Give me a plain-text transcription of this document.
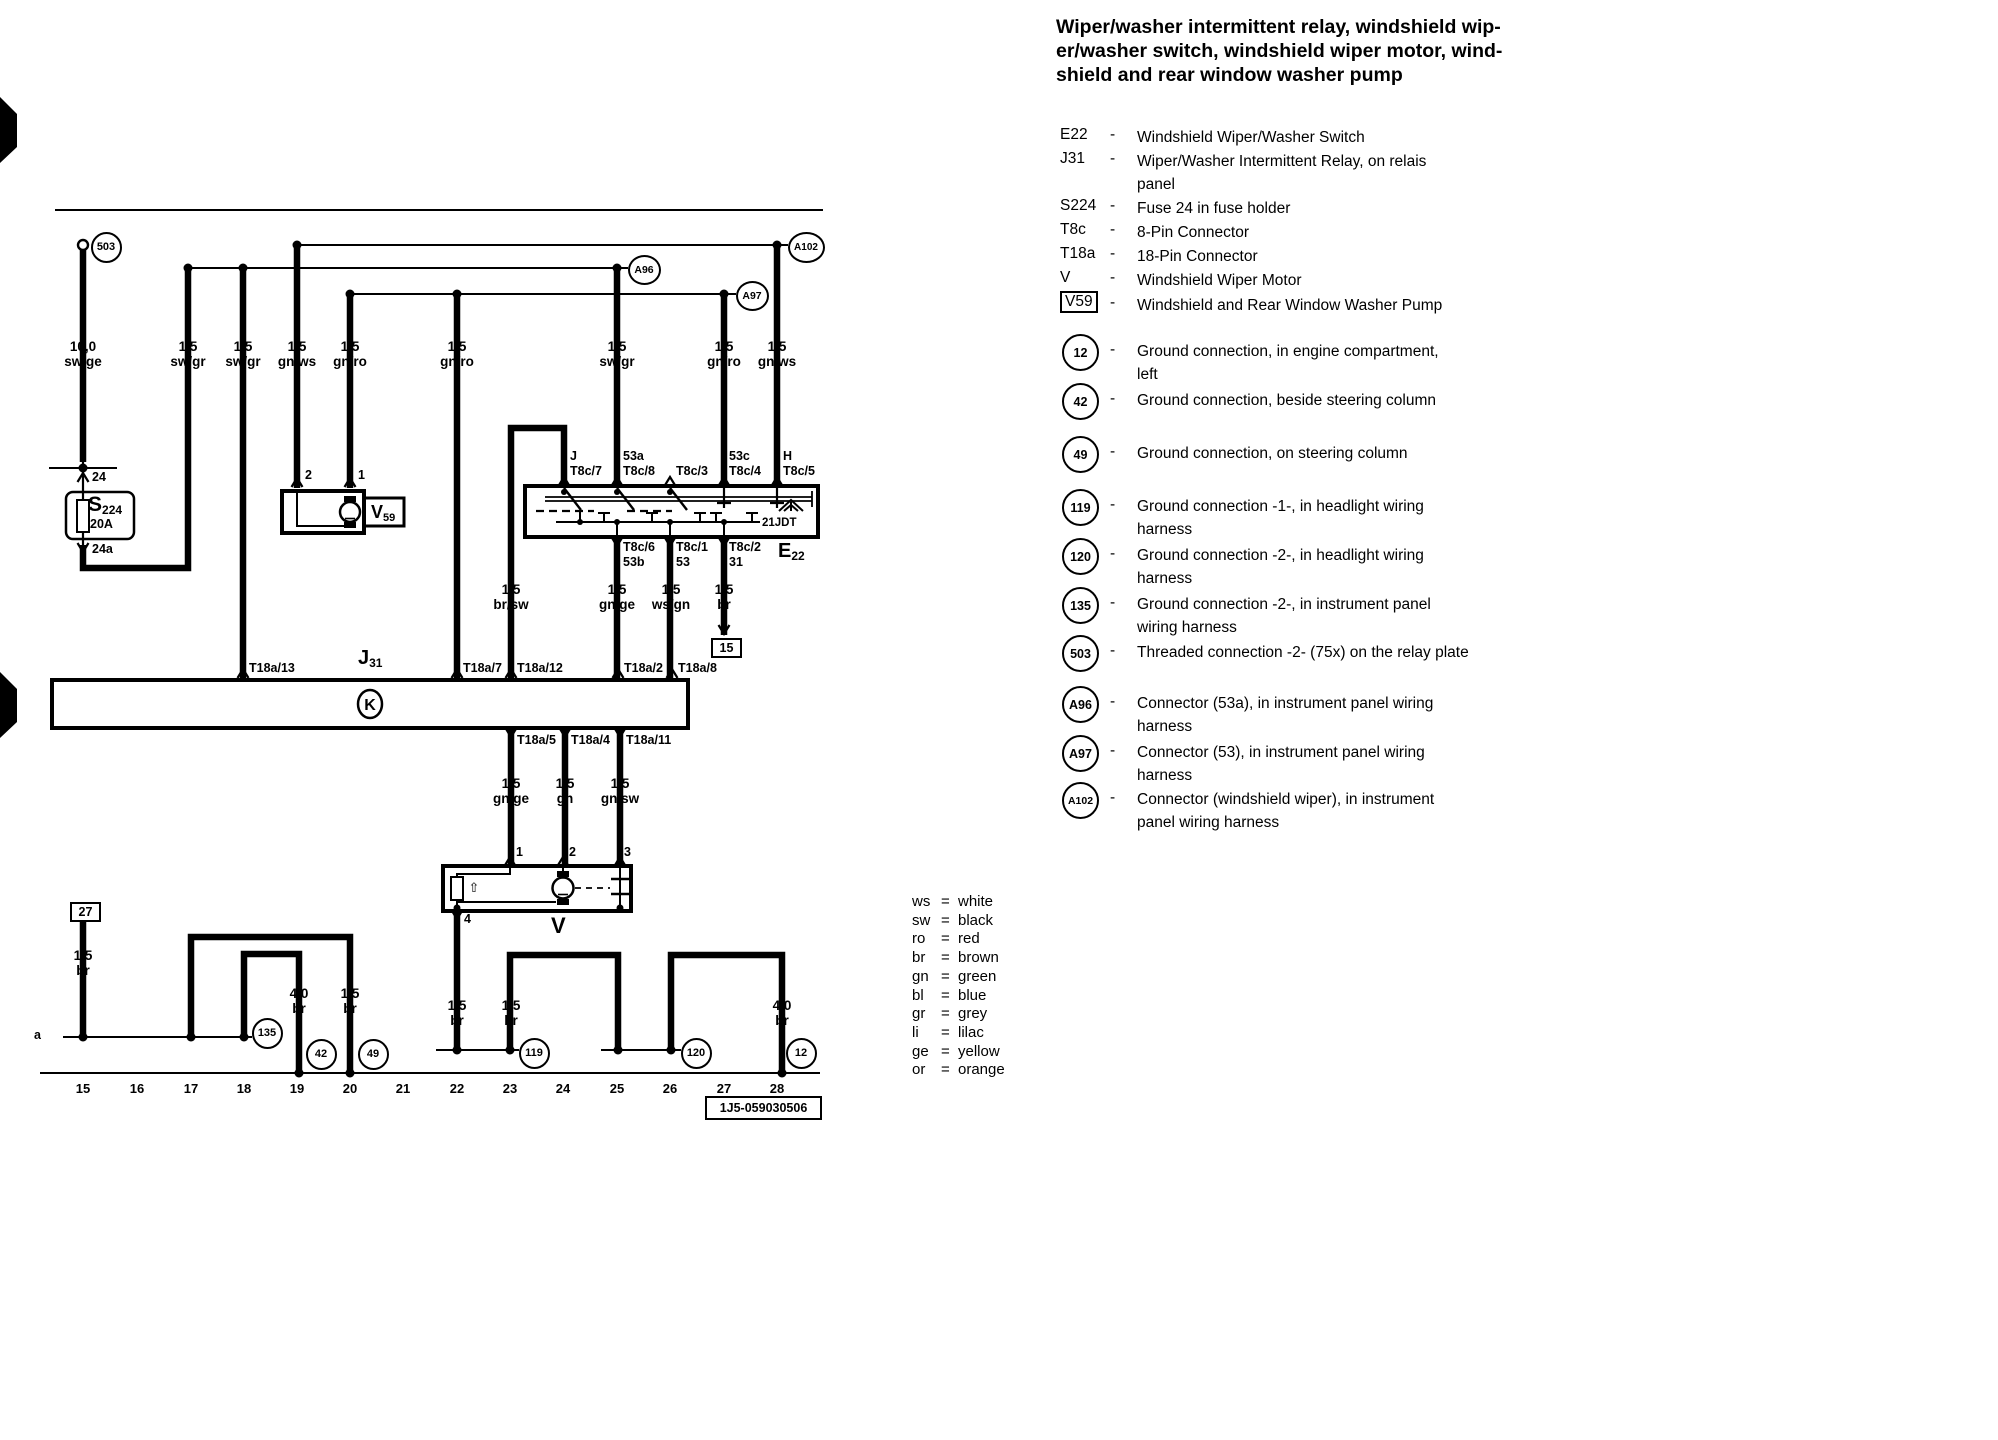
K
⇧
Wiper/washer intermittent relay, windshield wip-
er/washer switch, windshield wiper motor, wind-
shield and rear window washer pump
1J5-059030506
10,0
sw/ge
1,5
sw/gr
1,5
sw/gr
1,5
gn/ws
1,5
gn/ro
1,5
gn/ro
1,5
sw/gr
1,5
gn/ro
1,5
gn/ws
1,5
br/sw
1,5
gn/ge
1,5
ws/gn
1,5
br
1,5
gn/ge
1,5
gn
1,5
gn/sw
1,5
br
1,5
br
4,0
br
4,0
br
1,5
br
1,5
br
J
T8c/7
53a
T8c/8 T8c/3
53c
T8c/4
H
T8c/5
T8c/6
53b
T8c/1
53
T8c/2
31
T18a/13	T18a/7 T18a/12	T18a/2 T18a/8
T18a/5 T18a/4 T18a/11
2	1
1	2	3
4
24
24a
20A	21JDT
a
$S_{224}$
$J_{31}$
$E_{22}$
$V_{59}$
V
503
A96
A97
A102
135
42	49	119	120	12
27
15
15	16	17	18	19	20	21	22	23	24	25	26	27	28
E22 - Windshield Wiper/Washer Switch
J31 - Wiper/Washer Intermittent Relay, on relais
panel
S224 - Fuse 24 in fuse holder
T8c - 8-Pin Connector
T18a - 18-Pin Connector
V	- Windshield Wiper Motor
V59	- Windshield and Rear Window Washer Pump
12	- Ground connection, in engine compartment,
left
42	- Ground connection, beside steering column
49	- Ground connection, on steering column
119	- Ground connection -1-, in headlight wiring
harness
120	- Ground connection -2-, in headlight wiring
harness
135	- Ground connection -2-, in instrument panel
wiring harness
503	- Threaded connection -2- (75x) on the relay plate
A96	- Connector (53a), in instrument panel wiring
harness
A97	- Connector (53), in instrument panel wiring
harness
A102	- Connector (windshield wiper), in instrument
panel wiring harness
ws = white
sw = black
ro = red
br = brown
gn = green
bl = blue
gr = grey
li = lilac
ge = yellow
or = orange
